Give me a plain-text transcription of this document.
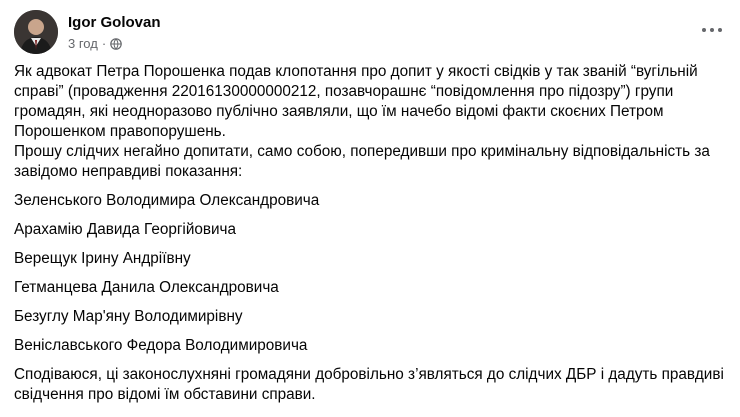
Igor Golovan
3 год ·

Як адвокат Петра Порошенка подав клопотання про допит у якості свідків у так званій “вугільній справі” (провадження 22016130000000212, позавчорашнє “повідомлення про підозру”) групи громадян, які неодноразово публічно заявляли, що їм начебо відомі факти скоєних Петром Порошенком правопорушень.

Прошу слідчих негайно допитати, само собою, попередивши про кримінальну відповідальність за завідомо неправдиві показання:

Зеленського Володимира Олександровича

Арахамію Давида Георгійовича

Верещук Ірину Андріївну

Гетманцева Данила Олександровича

Безуглу Мар'яну Володимирівну

Веніславського Федора Володимировича

Сподіваюся, ці законослухняні громадяни добровільно з’являться до слідчих ДБР і дадуть правдиві свідчення про відомі їм обставини справи.
